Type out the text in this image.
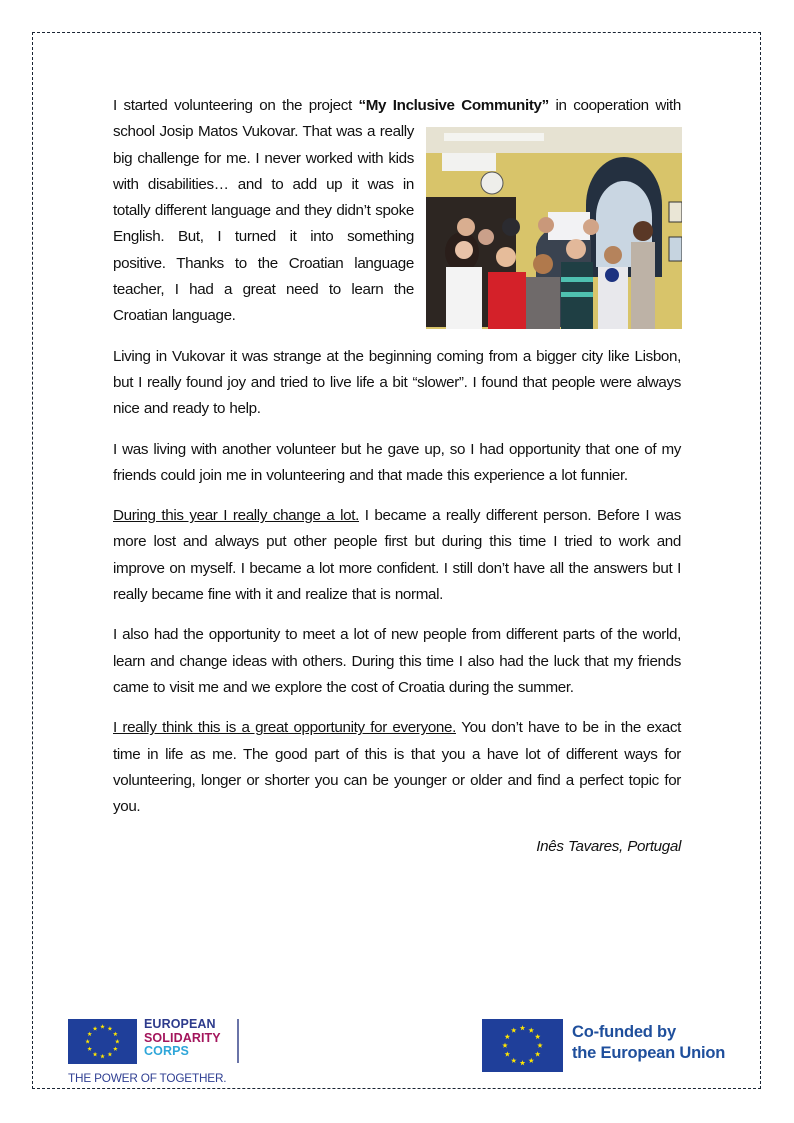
I started volunteering on the project “My Inclusive Community”
in cooperation with school Josip Matos Vukovar. That was a really big challenge for me. I never worked with kids with disabilities… and to add up it was in totally different language and they didn’t spoke English. But, I turned it into something positive. Thanks to the Croatian language teacher, I had a great need to learn the Croatian language.

Living in Vukovar it was strange at the beginning coming from a bigger city like Lisbon, but I really found joy and tried to live life a bit “slower”. I found that people were always nice and ready to help.

I was living with another volunteer but he gave up, so I had opportunity that one of my friends could join me in volunteering and that made this experience a lot funnier.

During this year I really change a lot. I became a really different person. Before I was more lost and always put other people first but during this time I tried to work and improve on myself. I became a lot more confident. I still don’t have all the answers but I really became fine with it and realize that is normal.

I also had the opportunity to meet a lot of new people from different parts of the world, learn and change ideas with others. During this time I also had the luck that my friends came to visit me and we explore the cost of Croatia during the summer.

I really think this is a great opportunity for everyone. You don’t have to be in the exact time in life as me. The good part of this is that you a have lot of different ways for volunteering, longer or shorter you can be younger or older and find a perfect topic for you.

Inês Tavares, Portugal

EUROPEAN
SOLIDARITY
CORPS
THE POWER OF TOGETHER.
Co-funded by
the European Union
